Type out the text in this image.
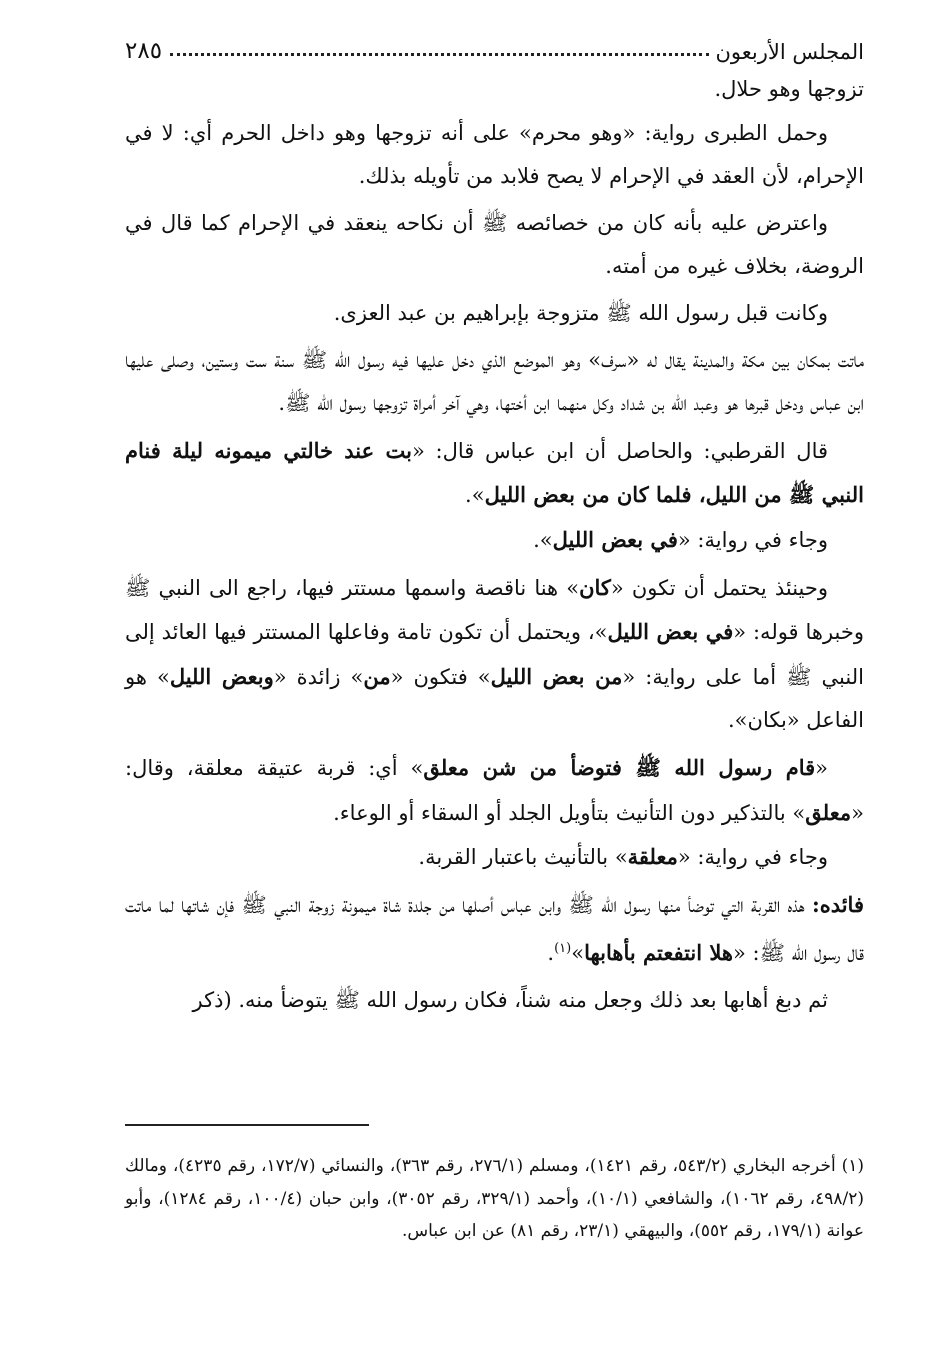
المجلس الأربعون
٢٨٥

تزوجها وهو حلال.

وحمل الطبرى رواية: «وهو محرم» على أنه تزوجها وهو داخل الحرم أي: لا في الإحرام، لأن العقد في الإحرام لا يصح فلابد من تأويله بذلك.

واعترض عليه بأنه كان من خصائصه ﷺ أن نكاحه ينعقد في الإحرام كما قال في الروضة، بخلاف غيره من أمته.

وكانت قبل رسول الله ﷺ متزوجة بإبراهيم بن عبد العزى.

ماتت بمكان بين مكة والمدينة يقال له «سرف» وهو الموضع الذي دخل عليها فيه رسول الله ﷺ سنة ست وستين، وصلى عليها ابن عباس ودخل قبرها هو وعبد الله بن شداد وكل منهما ابن أختها، وهي آخر أمراة تزوجها رسول الله ﷺ.

قال القرطبي: والحاصل أن ابن عباس قال: «بت عند خالتي ميمونه ليلة فنام النبي ﷺ من الليل، فلما كان من بعض الليل».

وجاء في رواية: «في بعض الليل».

وحينئذ يحتمل أن تكون «كان» هنا ناقصة واسمها مستتر فيها، راجع الى النبي ﷺ وخبرها قوله: «في بعض الليل»، ويحتمل أن تكون تامة وفاعلها المستتر فيها العائد إلى النبي ﷺ أما على رواية: «من بعض الليل» فتكون «من» زائدة «وبعض الليل» هو الفاعل «بكان».

«قام رسول الله ﷺ فتوضأ من شن معلق» أي: قربة عتيقة معلقة، وقال: «معلق» بالتذكير دون التأنيث بتأويل الجلد أو السقاء أو الوعاء.

وجاء في رواية: «معلقة» بالتأنيث باعتبار القربة.

فائده: هذه القربة التي توضأ منها رسول الله ﷺ وابن عباس أصلها من جلدة شاة ميمونة زوجة النبي ﷺ فإن شاتها لما ماتت قال رسول الله ﷺ: «هلا انتفعتم بأهابها»$^{(١)}$.

ثم دبغ أهابها بعد ذلك وجعل منه شناً، فكان رسول الله ﷺ يتوضأ منه. (ذكر

(١) أخرجه البخاري (٥٤٣/٢، رقم ١٤٢١)، ومسلم (٢٧٦/١، رقم ٣٦٣)، والنسائي (١٧٢/٧، رقم ٤٢٣٥)، ومالك (٤٩٨/٢، رقم ١٠٦٢)، والشافعي (١٠/١)، وأحمد (٣٢٩/١، رقم ٣٠٥٢)، وابن حبان (١٠٠/٤، رقم ١٢٨٤)، وأبو عوانة (١٧٩/١، رقم ٥٥٢)، والبيهقي (٢٣/١، رقم ٨١) عن ابن عباس.
